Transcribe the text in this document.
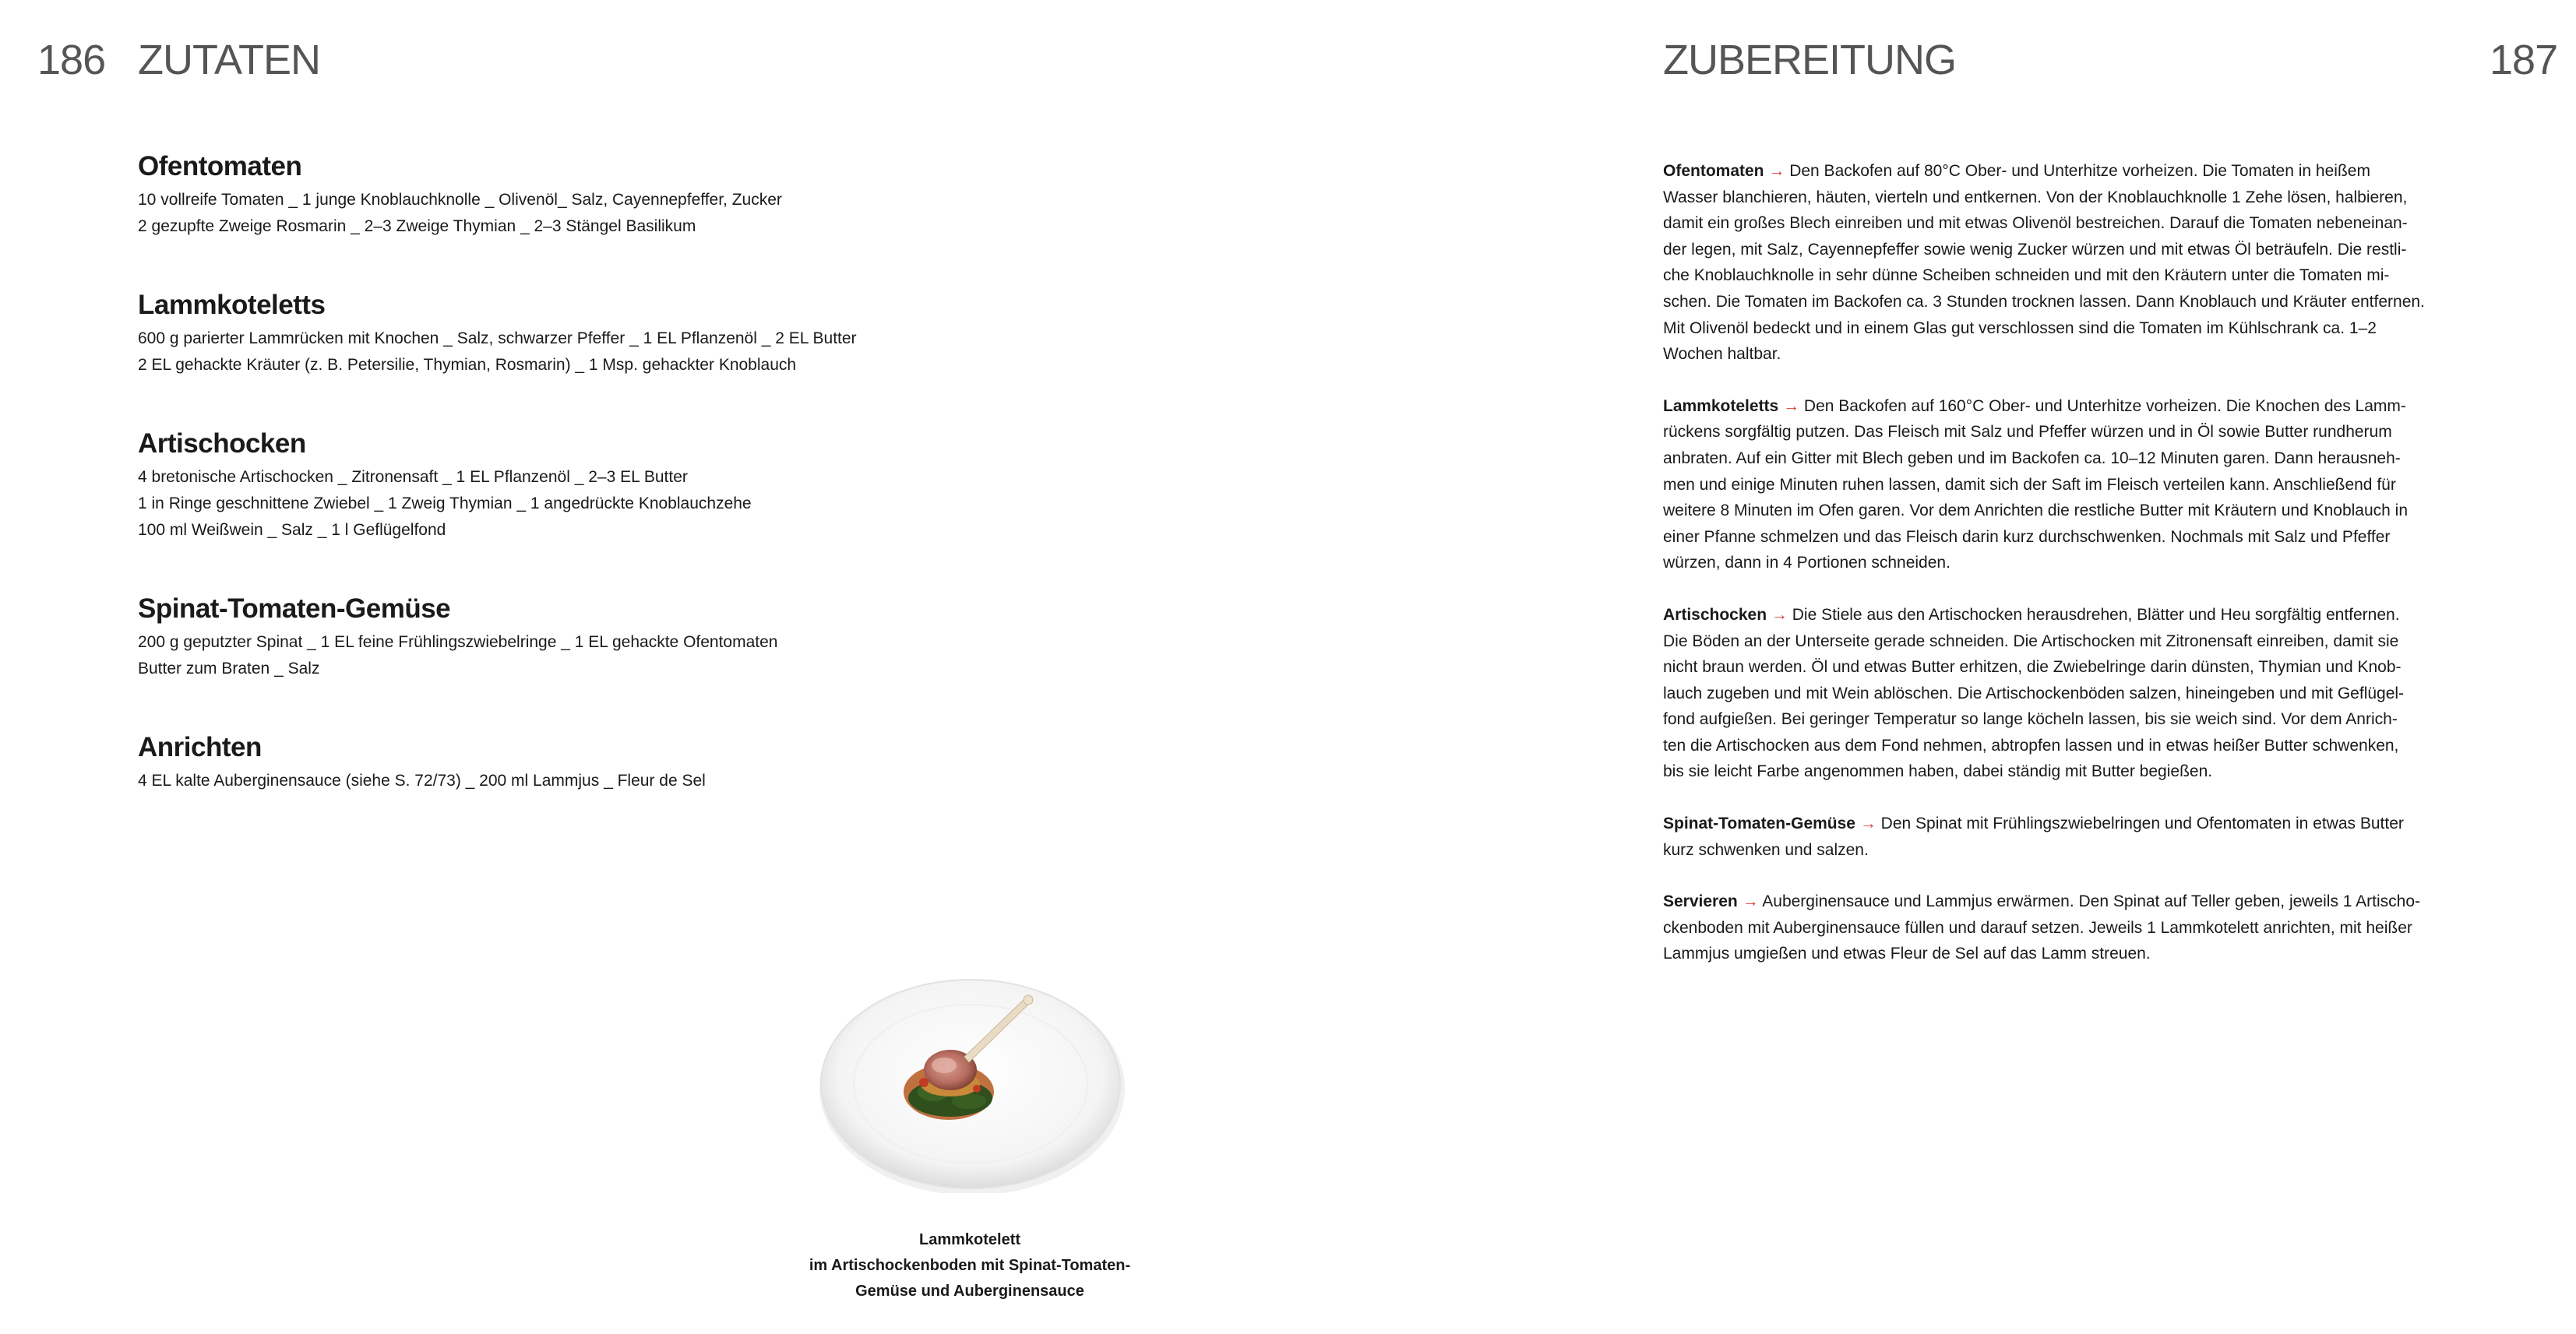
186 ZUTATEN
Ofentomaten
10 vollreife Tomaten _ 1 junge Knoblauchknolle _ Olivenöl_ Salz, Cayennepfeffer, Zucker
2 gezupfte Zweige Rosmarin _ 2–3 Zweige Thymian _ 2–3 Stängel Basilikum
Lammkoteletts
600 g parierter Lammrücken mit Knochen _ Salz, schwarzer Pfeffer _ 1 EL Pflanzenöl _ 2 EL Butter
2 EL gehackte Kräuter (z. B. Petersilie, Thymian, Rosmarin) _ 1 Msp. gehackter Knoblauch
Artischocken
4 bretonische Artischocken _ Zitronensaft _ 1 EL Pflanzenöl _ 2–3 EL Butter
1 in Ringe geschnittene Zwiebel _ 1 Zweig Thymian _ 1 angedrückte Knoblauchzehe
100 ml Weißwein _ Salz _ 1 l Geflügelfond
Spinat-Tomaten-Gemüse
200 g geputzter Spinat _ 1 EL feine Frühlingszwiebelringe _ 1 EL gehackte Ofentomaten
Butter zum Braten _ Salz
Anrichten
4 EL kalte Auberginensauce (siehe S. 72/73) _ 200 ml Lammjus _ Fleur de Sel
Lammkotelett
im Artischockenboden mit Spinat-Tomaten-
Gemüse und Auberginensauce
ZUBEREITUNG	187
Ofentomaten → Den Backofen auf 80°C Ober- und Unterhitze vorheizen. Die Tomaten in heißem
Wasser blanchieren, häuten, vierteln und entkernen. Von der Knoblauchknolle 1 Zehe lösen, halbieren,
damit ein großes Blech einreiben und mit etwas Olivenöl bestreichen. Darauf die Tomaten nebeneinan-
der legen, mit Salz, Cayennepfeffer sowie wenig Zucker würzen und mit etwas Öl beträufeln. Die restli-
che Knoblauchknolle in sehr dünne Scheiben schneiden und mit den Kräutern unter die Tomaten mi-
schen. Die Tomaten im Backofen ca. 3 Stunden trocknen lassen. Dann Knoblauch und Kräuter entfernen.
Mit Olivenöl bedeckt und in einem Glas gut verschlossen sind die Tomaten im Kühlschrank ca. 1–2
Wochen haltbar.
Lammkoteletts → Den Backofen auf 160°C Ober- und Unterhitze vorheizen. Die Knochen des Lamm-
rückens sorgfältig putzen. Das Fleisch mit Salz und Pfeffer würzen und in Öl sowie Butter rundherum
anbraten. Auf ein Gitter mit Blech geben und im Backofen ca. 10–12 Minuten garen. Dann herausneh-
men und einige Minuten ruhen lassen, damit sich der Saft im Fleisch verteilen kann. Anschließend für
weitere 8 Minuten im Ofen garen. Vor dem Anrichten die restliche Butter mit Kräutern und Knoblauch in
einer Pfanne schmelzen und das Fleisch darin kurz durchschwenken. Nochmals mit Salz und Pfeffer
würzen, dann in 4 Portionen schneiden.
Artischocken → Die Stiele aus den Artischocken herausdrehen, Blätter und Heu sorgfältig entfernen.
Die Böden an der Unterseite gerade schneiden. Die Artischocken mit Zitronensaft einreiben, damit sie
nicht braun werden. Öl und etwas Butter erhitzen, die Zwiebelringe darin dünsten, Thymian und Knob-
lauch zugeben und mit Wein ablöschen. Die Artischockenböden salzen, hineingeben und mit Geflügel-
fond aufgießen. Bei geringer Temperatur so lange köcheln lassen, bis sie weich sind. Vor dem Anrich-
ten die Artischocken aus dem Fond nehmen, abtropfen lassen und in etwas heißer Butter schwenken,
bis sie leicht Farbe angenommen haben, dabei ständig mit Butter begießen.
Spinat-Tomaten-Gemüse → Den Spinat mit Frühlingszwiebelringen und Ofentomaten in etwas Butter
kurz schwenken und salzen.
Servieren → Auberginensauce und Lammjus erwärmen. Den Spinat auf Teller geben, jeweils 1 Artischo-
ckenboden mit Auberginensauce füllen und darauf setzen. Jeweils 1 Lammkotelett anrichten, mit heißer
Lammjus umgießen und etwas Fleur de Sel auf das Lamm streuen.
